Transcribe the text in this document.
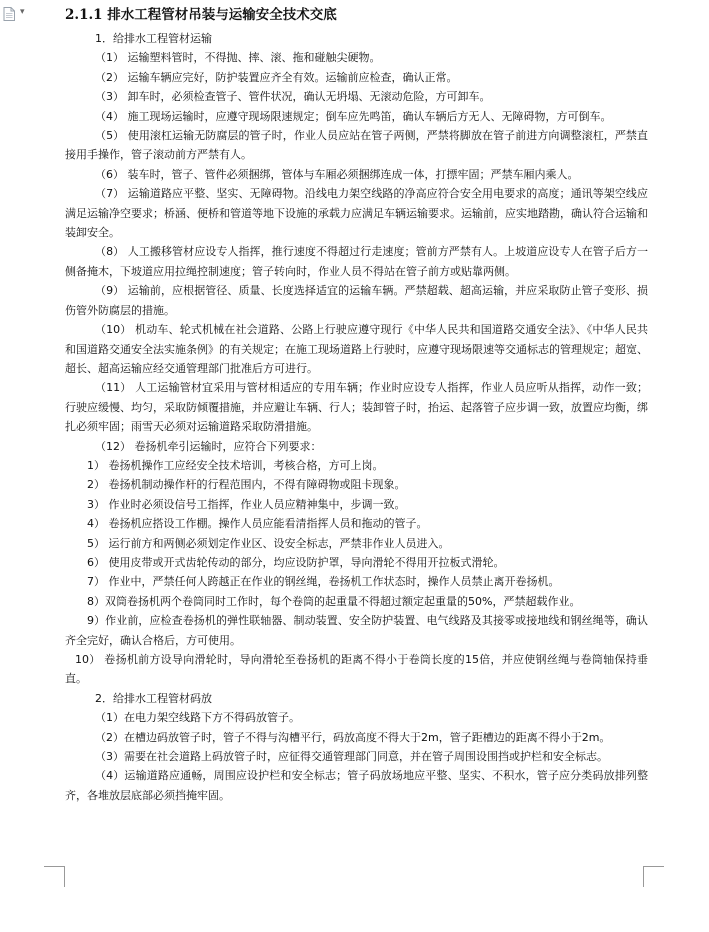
▾	2.1.1 排水工程管材吊装与运输安全技术交底

1．给排水工程管材运输

（1） 运输塑料管时，不得抛、摔、滚、拖和碰触尖硬物。

（2） 运输车辆应完好，防护装置应齐全有效。运输前应检查，确认正常。

（3） 卸车时，必须检查管子、管件状况，确认无坍塌、无滚动危险，方可卸车。

（4） 施工现场运输时，应遵守现场限速规定；倒车应先鸣笛，确认车辆后方无人、无障碍物，方可倒车。

（5） 使用滚杠运输无防腐层的管子时，作业人员应站在管子两侧，严禁将脚放在管子前进方向调整滚杠，严禁直接用手操作，管子滚动前方严禁有人。

（6） 装车时，管子、管件必须捆绑，管体与车厢必须捆绑连成一体，打摽牢固；严禁车厢内乘人。

（7） 运输道路应平整、坚实、无障碍物。沿线电力架空线路的净高应符合安全用电要求的高度；通讯等架空线应满足运输净空要求；桥涵、便桥和管道等地下设施的承载力应满足车辆运输要求。运输前，应实地踏勘，确认符合运输和装卸安全。

（8） 人工搬移管材应设专人指挥，推行速度不得超过行走速度；管前方严禁有人。上坡道应设专人在管子后方一侧备掩木，下坡道应用拉绳控制速度；管子转向时，作业人员不得站在管子前方或贴靠两侧。

（9） 运输前，应根据管径、质量、长度选择适宜的运输车辆。严禁超载、超高运输，并应采取防止管子变形、损伤管外防腐层的措施。

（10） 机动车、轮式机械在社会道路、公路上行驶应遵守现行《中华人民共和国道路交通安全法》、《中华人民共和国道路交通安全法实施条例》的有关规定；在施工现场道路上行驶时，应遵守现场限速等交通标志的管理规定；超宽、超长、超高运输应经交通管理部门批准后方可进行。

（11） 人工运输管材宜采用与管材相适应的专用车辆；作业时应设专人指挥，作业人员应听从指挥，动作一致；行驶应缓慢、均匀，采取防倾覆措施，并应避让车辆、行人；装卸管子时，抬运、起落管子应步调一致，放置应均衡，绑扎必须牢固；雨雪天必须对运输道路采取防滑措施。

（12） 卷扬机牵引运输时，应符合下列要求：

1） 卷扬机操作工应经安全技术培训，考核合格，方可上岗。

2） 卷扬机制动操作杆的行程范围内，不得有障碍物或阻卡现象。

3） 作业时必须设信号工指挥，作业人员应精神集中，步调一致。

4） 卷扬机应搭设工作棚。操作人员应能看清指挥人员和拖动的管子。

5） 运行前方和两侧必须划定作业区、设安全标志，严禁非作业人员进入。

6） 使用皮带或开式齿轮传动的部分，均应设防护罩，导向滑轮不得用开拉板式滑轮。

7） 作业中，严禁任何人跨越正在作业的钢丝绳，卷扬机工作状态时，操作人员禁止离开卷扬机。

8）双筒卷扬机两个卷筒同时工作时，每个卷筒的起重量不得超过额定起重量的50%，严禁超载作业。

9）作业前，应检查卷扬机的弹性联轴器、制动装置、安全防护装置、电气线路及其接零或接地线和钢丝绳等，确认齐全完好，确认合格后，方可使用。

10） 卷扬机前方设导向滑轮时，导向滑轮至卷扬机的距离不得小于卷筒长度的15倍，并应使钢丝绳与卷筒轴保持垂直。

2．给排水工程管材码放

（1）在电力架空线路下方不得码放管子。

（2）在槽边码放管子时，管子不得与沟槽平行，码放高度不得大于2m，管子距槽边的距离不得小于2m。

（3）需要在社会道路上码放管子时，应征得交通管理部门同意，并在管子周围设围挡或护栏和安全标志。

（4）运输道路应通畅，周围应设护栏和安全标志；管子码放场地应平整、坚实、不积水，管子应分类码放排列整齐，各堆放层底部必须挡掩牢固。
